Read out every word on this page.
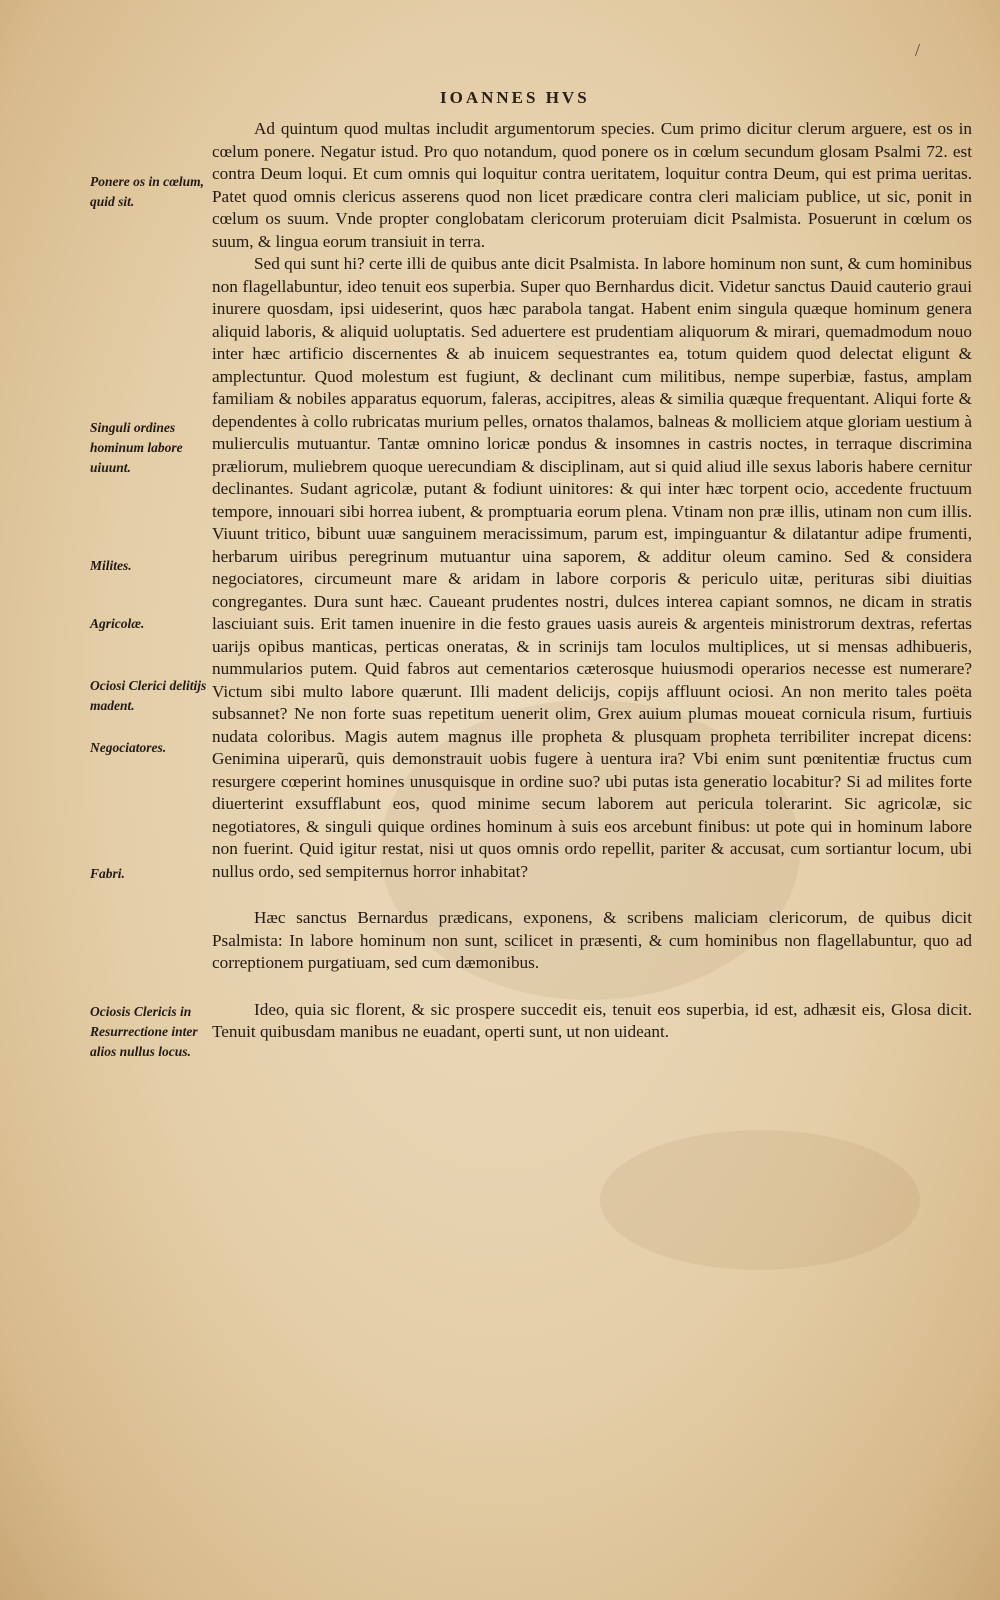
/
IOANNES HVS
Ponere os in cœlum, quid sit.
Singuli ordines hominum labore uiuunt.
Milites.
Agricolæ.
Ociosi Clerici delitijs madent.
Negociatores.
Fabri.
Ociosis Clericis in Resurrectione inter alios nullus locus.

Ad quintum quod multas includit argumentorum species. Cum primo dicitur clerum arguere, est os in cœlum ponere. Negatur istud. Pro quo notandum, quod ponere os in cœlum secundum glosam Psalmi 72. est contra Deum loqui. Et cum omnis qui loquitur contra ueritatem, loquitur contra Deum, qui est prima ueritas. Patet quod omnis clericus asserens quod non licet prædicare contra cleri maliciam publice, ut sic, ponit in cœlum os suum. Vnde propter conglobatam clericorum proteruiam dicit Psalmista. Posuerunt in cœlum os suum, & lingua eorum transiuit in terra.

Sed qui sunt hi? certe illi de quibus ante dicit Psalmista. In labore hominum non sunt, & cum hominibus non flagellabuntur, ideo tenuit eos superbia. Super quo Bernhardus dicit. Videtur sanctus Dauid cauterio graui inurere quosdam, ipsi uideserint, quos hæc parabola tangat. Habent enim singula quæque hominum genera aliquid laboris, & aliquid uoluptatis. Sed aduertere est prudentiam aliquorum & mirari, quemadmodum nouo inter hæc artificio discernentes & ab inuicem sequestrantes ea, totum quidem quod delectat eligunt & amplectuntur. Quod molestum est fugiunt, & declinant cum militibus, nempe superbiæ, fastus, amplam familiam & nobiles apparatus equorum, faleras, accipitres, aleas & similia quæque frequentant. Aliqui forte & dependentes à collo rubricatas murium pelles, ornatos thalamos, balneas & molliciem atque gloriam uestium à mulierculis mutuantur. Tantæ omnino loricæ pondus & insomnes in castris noctes, in terraque discrimina præliorum, muliebrem quoque uerecundiam & disciplinam, aut si quid aliud ille sexus laboris habere cernitur declinantes. Sudant agricolæ, putant & fodiunt uinitores: & qui inter hæc torpent ocio, accedente fructuum tempore, innouari sibi horrea iubent, & promptuaria eorum plena. Vtinam non præ illis, utinam non cum illis. Viuunt tritico, bibunt uuæ sanguinem meracissimum, parum est, impinguantur & dilatantur adipe frumenti, herbarum uiribus peregrinum mutuantur uina saporem, & additur oleum camino. Sed & considera negociatores, circumeunt mare & aridam in labore corporis & periculo uitæ, perituras sibi diuitias congregantes. Dura sunt hæc. Caueant prudentes nostri, dulces interea capiant somnos, ne dicam in stratis lasciuiant suis. Erit tamen inuenire in die festo graues uasis aureis & argenteis ministrorum dextras, refertas uarijs opibus manticas, perticas oneratas, & in scrinijs tam loculos multiplices, ut si mensas adhibueris, nummularios putem. Quid fabros aut cementarios cæterosque huiusmodi operarios necesse est numerare? Victum sibi multo labore quærunt. Illi madent delicijs, copijs affluunt ociosi. An non merito tales poëta subsannet? Ne non forte suas repetitum uenerit olim, Grex auium plumas moueat cornicula risum, furtiuis nudata coloribus. Magis autem magnus ille propheta & plusquam propheta terribiliter increpat dicens: Genimina uiperarũ, quis demonstrauit uobis fugere à uentura ira? Vbi enim sunt pœnitentiæ fructus cum resurgere cœperint homines unusquisque in ordine suo? ubi putas ista generatio locabitur? Si ad milites forte diuerterint exsufflabunt eos, quod minime secum laborem aut pericula tolerarint. Sic agricolæ, sic negotiatores, & singuli quique ordines hominum à suis eos arcebunt finibus: ut pote qui in hominum labore non fuerint. Quid igitur restat, nisi ut quos omnis ordo repellit, pariter & accusat, cum sortiantur locum, ubi nullus ordo, sed sempiternus horror inhabitat?

Hæc sanctus Bernardus prædicans, exponens, & scribens maliciam clericorum, de quibus dicit Psalmista: In labore hominum non sunt, scilicet in præsenti, & cum hominibus non flagellabuntur, quo ad correptionem purgatiuam, sed cum dæmonibus.

Ideo, quia sic florent, & sic prospere succedit eis, tenuit eos superbia, id est, adhæsit eis, Glosa dicit. Tenuit quibusdam manibus ne euadant, operti sunt, ut non uideant.
